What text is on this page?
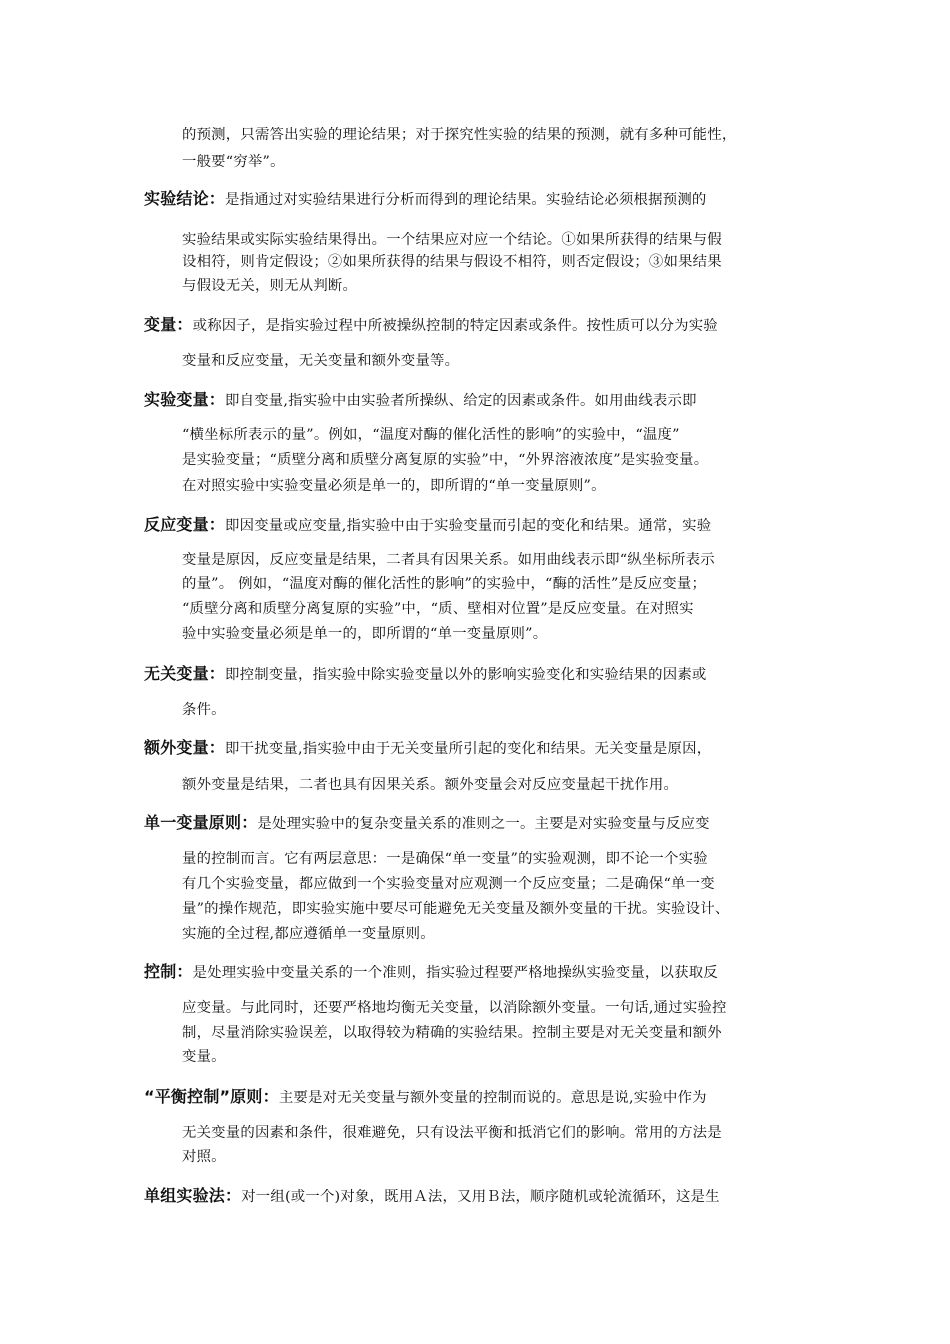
的预测，只需答出实验的理论结果；对于探究性实验的结果的预测，就有多种可能性，
一般要“穷举”。
实验结论：是指通过对实验结果进行分析而得到的理论结果。实验结论必须根据预测的
实验结果或实际实验结果得出。一个结果应对应一个结论。①如果所获得的结果与假
设相符，则肯定假设；②如果所获得的结果与假设不相符，则否定假设；③如果结果
与假设无关，则无从判断。
变量：或称因子，是指实验过程中所被操纵控制的特定因素或条件。按性质可以分为实验
变量和反应变量，无关变量和额外变量等。
实验变量：即自变量,指实验中由实验者所操纵、给定的因素或条件。如用曲线表示即
“横坐标所表示的量”。例如，“温度对酶的催化活性的影响”的实验中，“温度”
是实验变量；“质壁分离和质壁分离复原的实验”中，“外界溶液浓度”是实验变量。
在对照实验中实验变量必须是单一的，即所谓的“单一变量原则”。
反应变量：即因变量或应变量,指实验中由于实验变量而引起的变化和结果。通常，实验
变量是原因，反应变量是结果，二者具有因果关系。如用曲线表示即“纵坐标所表示
的量”。 例如，“温度对酶的催化活性的影响”的实验中，“酶的活性”是反应变量；
“质壁分离和质壁分离复原的实验”中，“质、壁相对位置”是反应变量。在对照实
验中实验变量必须是单一的，即所谓的“单一变量原则”。
无关变量：即控制变量，指实验中除实验变量以外的影响实验变化和实验结果的因素或
条件。
额外变量：即干扰变量,指实验中由于无关变量所引起的变化和结果。无关变量是原因，
额外变量是结果，二者也具有因果关系。额外变量会对反应变量起干扰作用。
单一变量原则：是处理实验中的复杂变量关系的准则之一。主要是对实验变量与反应变
量的控制而言。它有两层意思：一是确保“单一变量”的实验观测，即不论一个实验
有几个实验变量，都应做到一个实验变量对应观测一个反应变量；二是确保“单一变
量”的操作规范，即实验实施中要尽可能避免无关变量及额外变量的干扰。实验设计、
实施的全过程,都应遵循单一变量原则。
控制：是处理实验中变量关系的一个准则，指实验过程要严格地操纵实验变量，以获取反
应变量。与此同时，还要严格地均衡无关变量，以消除额外变量。一句话,通过实验控
制，尽量消除实验误差，以取得较为精确的实验结果。控制主要是对无关变量和额外
变量。
“平衡控制”原则：主要是对无关变量与额外变量的控制而说的。意思是说,实验中作为
无关变量的因素和条件，很难避免，只有设法平衡和抵消它们的影响。常用的方法是
对照。
单组实验法：对一组(或一个)对象，既用Ａ法，又用Ｂ法，顺序随机或轮流循环，这是生
